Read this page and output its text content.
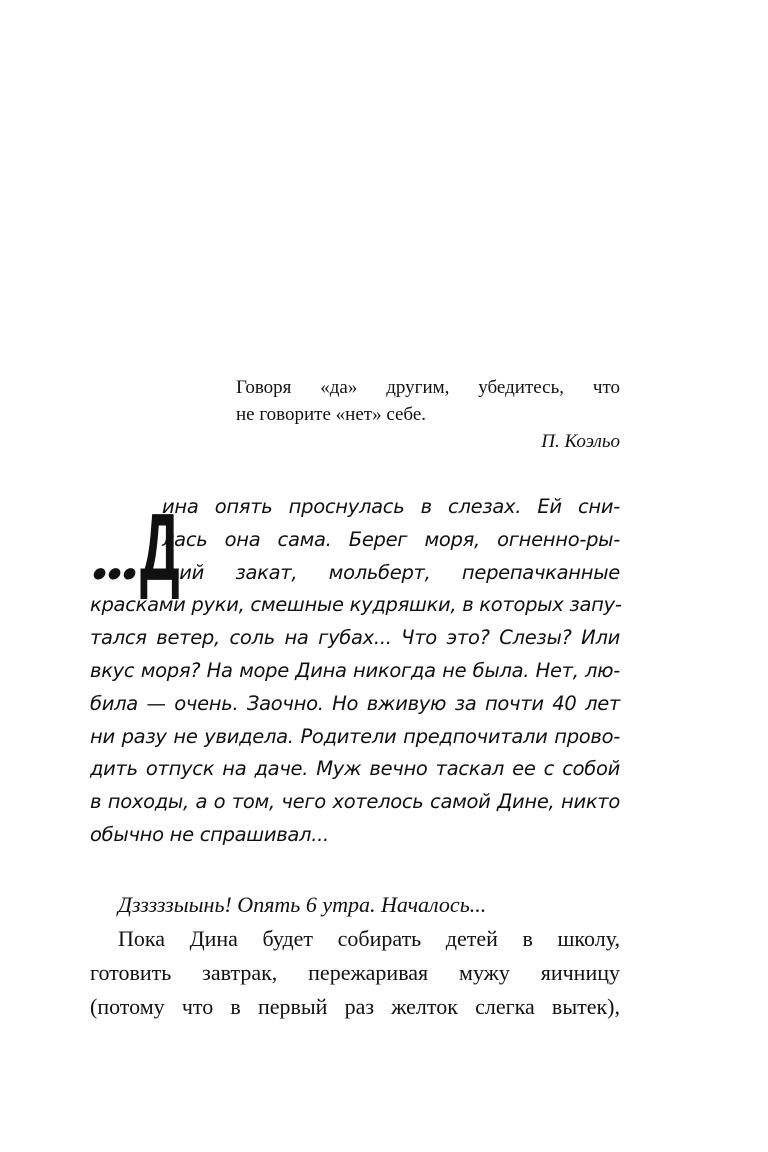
Говоря «да» другим, убедитесь, что
не говорите «нет» себе.
П. Коэльо
•••
Д
ина опять проснулась в слезах. Ей сни-
лась она сама. Берег моря, огненно-ры-
жий закат, мольберт, перепачканные
красками руки, смешные кудряшки, в которых запу-
тался ветер, соль на губах... Что это? Слезы? Или
вкус моря? На море Дина никогда не была. Нет, лю-
била — очень. Заочно. Но вживую за почти 40 лет
ни разу не увидела. Родители предпочитали прово-
дить отпуск на даче. Муж вечно таскал ее с собой
в походы, а о том, чего хотелось самой Дине, никто
обычно не спрашивал...
Дзззззыынь! Опять 6 утра. Началось...
Пока Дина будет собирать детей в школу,
готовить завтрак, пережаривая мужу яичницу
(потому что в первый раз желток слегка вытек),
